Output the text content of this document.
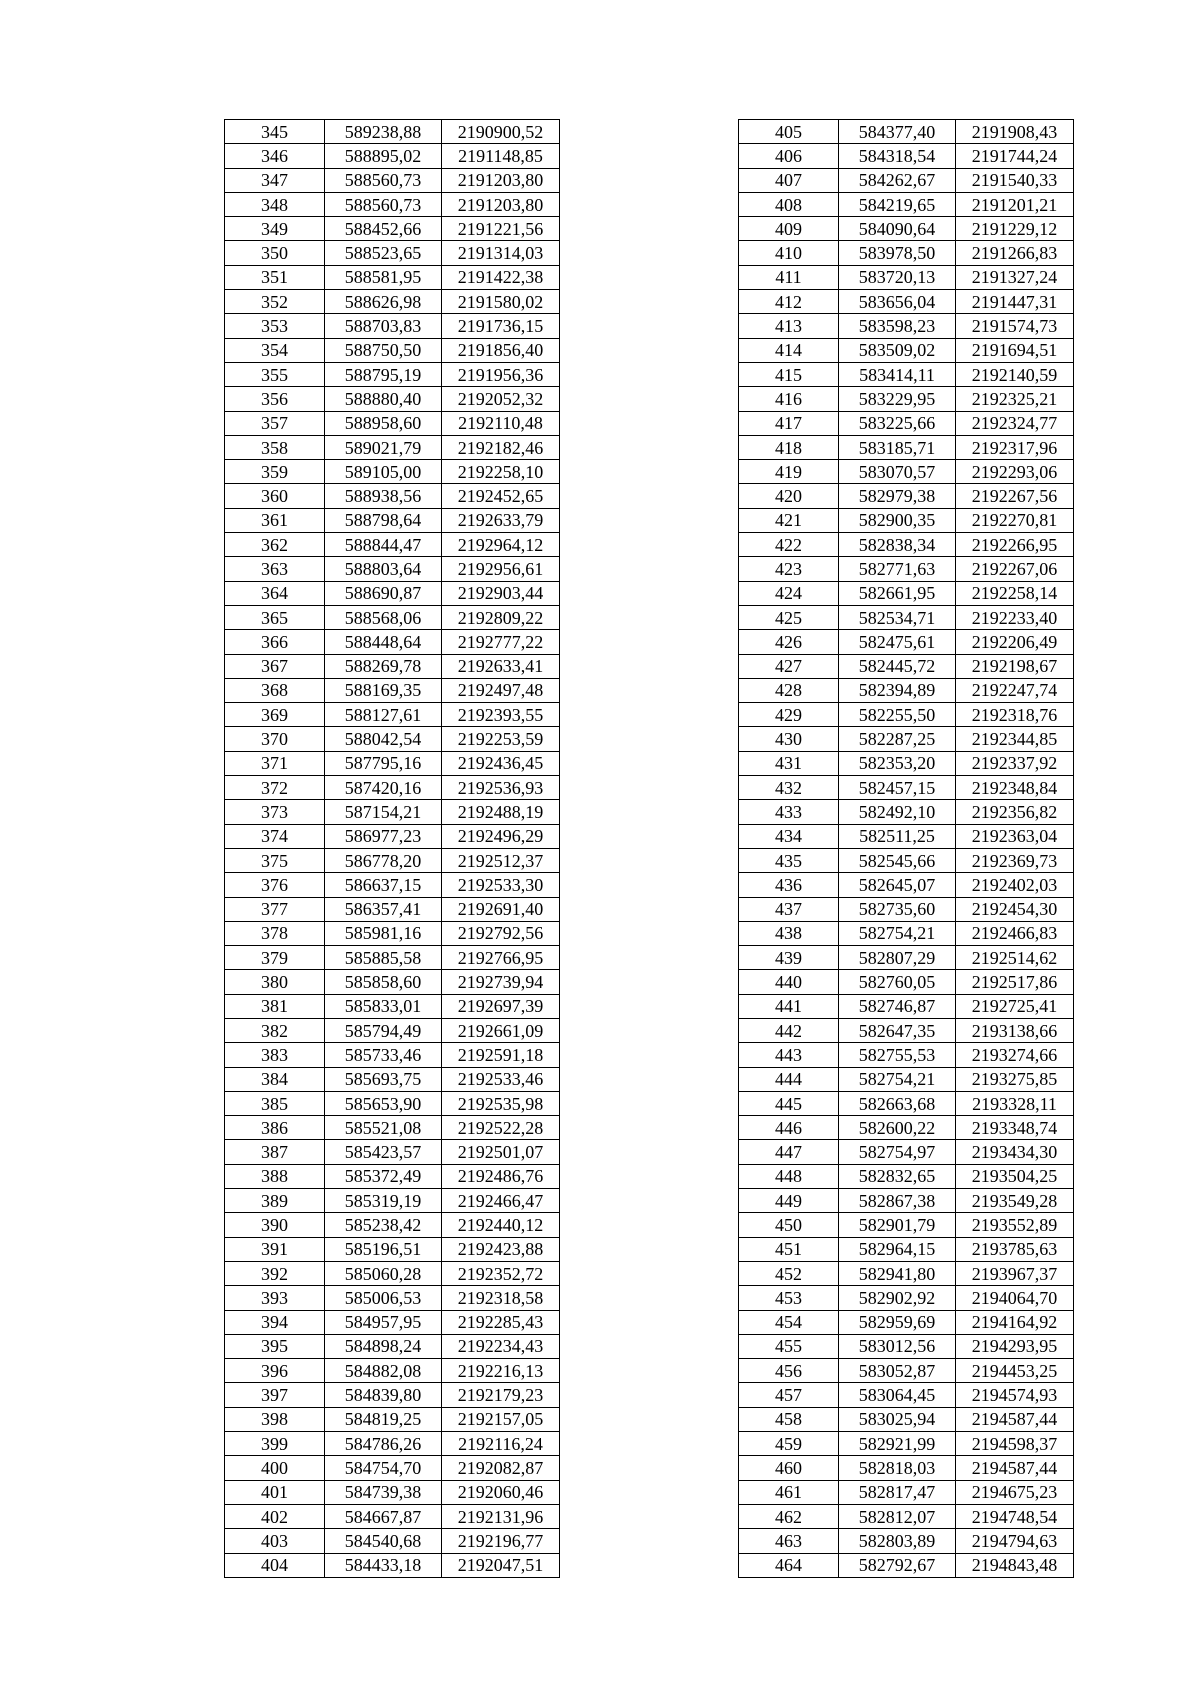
345	589238,88	2190900,52
346	588895,02	2191148,85
347	588560,73	2191203,80
348	588560,73	2191203,80
349	588452,66	2191221,56
350	588523,65	2191314,03
351	588581,95	2191422,38
352	588626,98	2191580,02
353	588703,83	2191736,15
354	588750,50	2191856,40
355	588795,19	2191956,36
356	588880,40	2192052,32
357	588958,60	2192110,48
358	589021,79	2192182,46
359	589105,00	2192258,10
360	588938,56	2192452,65
361	588798,64	2192633,79
362	588844,47	2192964,12
363	588803,64	2192956,61
364	588690,87	2192903,44
365	588568,06	2192809,22
366	588448,64	2192777,22
367	588269,78	2192633,41
368	588169,35	2192497,48
369	588127,61	2192393,55
370	588042,54	2192253,59
371	587795,16	2192436,45
372	587420,16	2192536,93
373	587154,21	2192488,19
374	586977,23	2192496,29
375	586778,20	2192512,37
376	586637,15	2192533,30
377	586357,41	2192691,40
378	585981,16	2192792,56
379	585885,58	2192766,95
380	585858,60	2192739,94
381	585833,01	2192697,39
382	585794,49	2192661,09
383	585733,46	2192591,18
384	585693,75	2192533,46
385	585653,90	2192535,98
386	585521,08	2192522,28
387	585423,57	2192501,07
388	585372,49	2192486,76
389	585319,19	2192466,47
390	585238,42	2192440,12
391	585196,51	2192423,88
392	585060,28	2192352,72
393	585006,53	2192318,58
394	584957,95	2192285,43
395	584898,24	2192234,43
396	584882,08	2192216,13
397	584839,80	2192179,23
398	584819,25	2192157,05
399	584786,26	2192116,24
400	584754,70	2192082,87
401	584739,38	2192060,46
402	584667,87	2192131,96
403	584540,68	2192196,77
404	584433,18	2192047,51
405	584377,40	2191908,43
406	584318,54	2191744,24
407	584262,67	2191540,33
408	584219,65	2191201,21
409	584090,64	2191229,12
410	583978,50	2191266,83
411	583720,13	2191327,24
412	583656,04	2191447,31
413	583598,23	2191574,73
414	583509,02	2191694,51
415	583414,11	2192140,59
416	583229,95	2192325,21
417	583225,66	2192324,77
418	583185,71	2192317,96
419	583070,57	2192293,06
420	582979,38	2192267,56
421	582900,35	2192270,81
422	582838,34	2192266,95
423	582771,63	2192267,06
424	582661,95	2192258,14
425	582534,71	2192233,40
426	582475,61	2192206,49
427	582445,72	2192198,67
428	582394,89	2192247,74
429	582255,50	2192318,76
430	582287,25	2192344,85
431	582353,20	2192337,92
432	582457,15	2192348,84
433	582492,10	2192356,82
434	582511,25	2192363,04
435	582545,66	2192369,73
436	582645,07	2192402,03
437	582735,60	2192454,30
438	582754,21	2192466,83
439	582807,29	2192514,62
440	582760,05	2192517,86
441	582746,87	2192725,41
442	582647,35	2193138,66
443	582755,53	2193274,66
444	582754,21	2193275,85
445	582663,68	2193328,11
446	582600,22	2193348,74
447	582754,97	2193434,30
448	582832,65	2193504,25
449	582867,38	2193549,28
450	582901,79	2193552,89
451	582964,15	2193785,63
452	582941,80	2193967,37
453	582902,92	2194064,70
454	582959,69	2194164,92
455	583012,56	2194293,95
456	583052,87	2194453,25
457	583064,45	2194574,93
458	583025,94	2194587,44
459	582921,99	2194598,37
460	582818,03	2194587,44
461	582817,47	2194675,23
462	582812,07	2194748,54
463	582803,89	2194794,63
464	582792,67	2194843,48
